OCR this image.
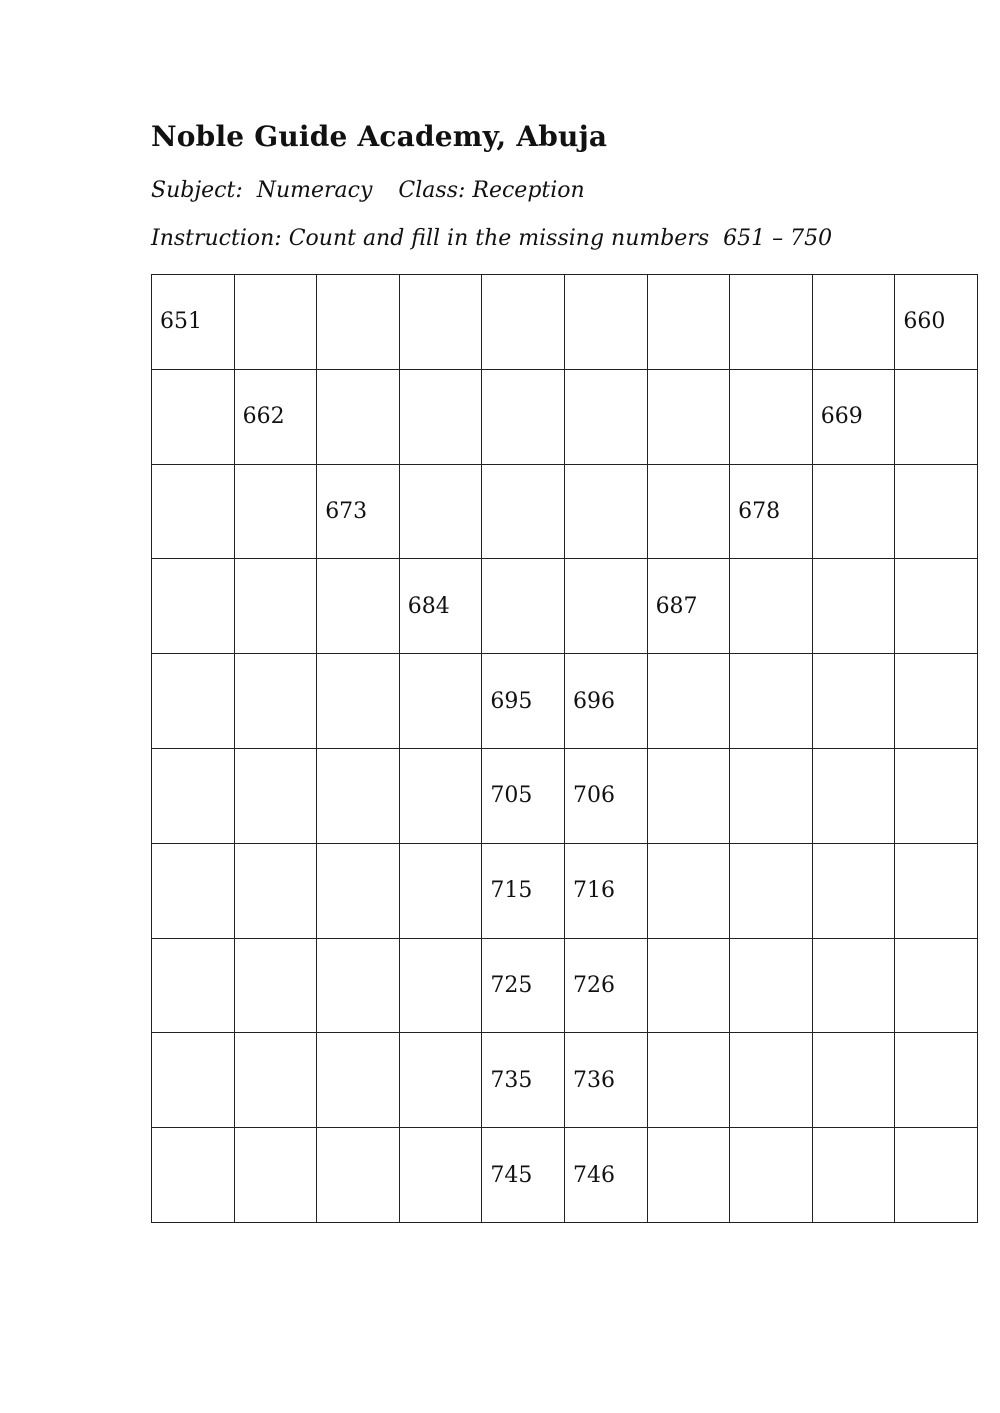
Noble Guide Academy, Abuja
Subject:  Numeracy Class: Reception
Instruction: Count and fill in the missing numbers  651 – 750
651									660
	662							669	
		673					678		
			684			687			
				695	696				
				705	706				
				715	716				
				725	726				
				735	736				
				745	746				
